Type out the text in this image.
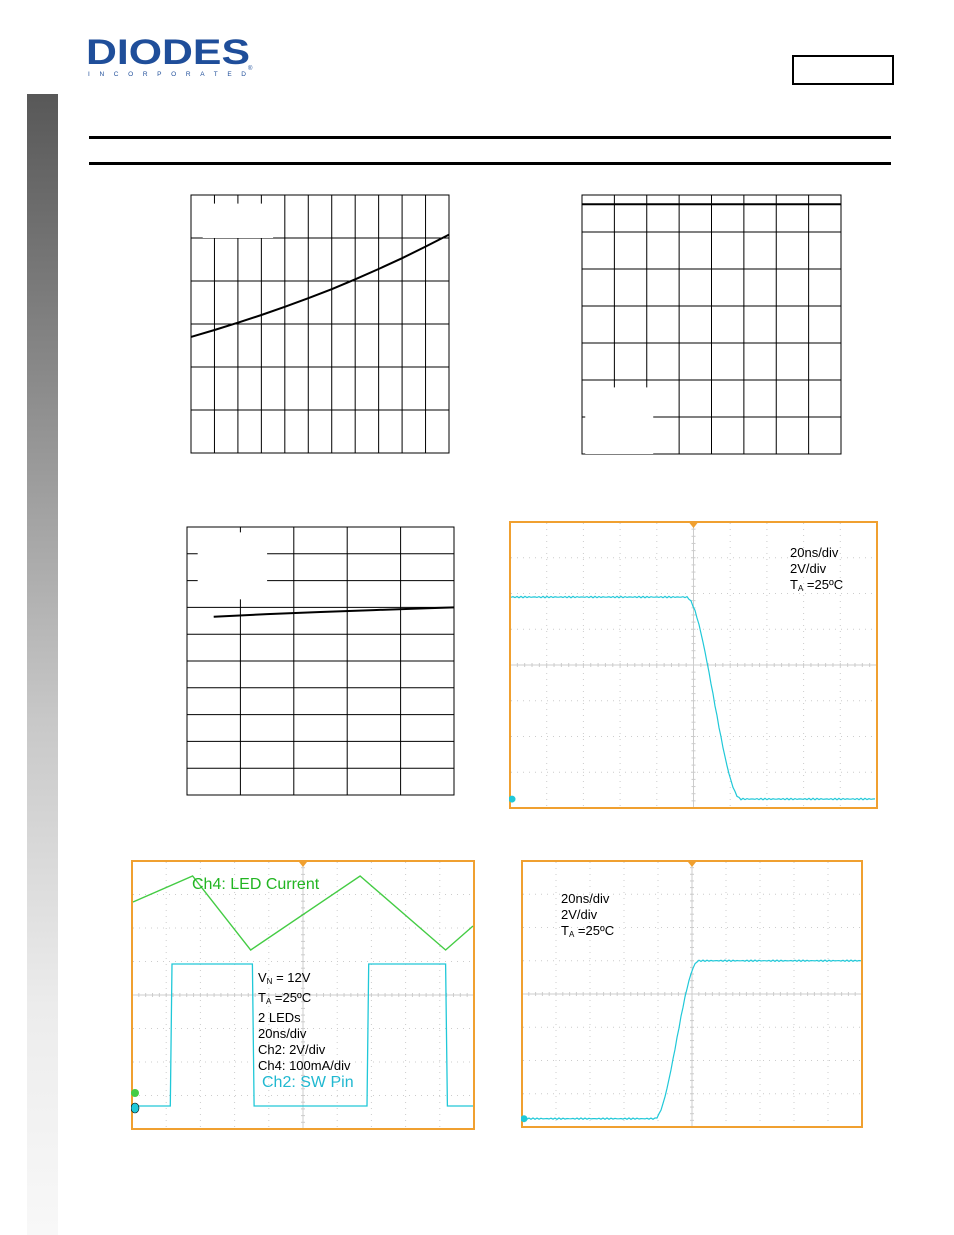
DIODES
INCORPORATED
®
20ns/div
2V/div
$T_A$ =25ºC
Ch4: LED Current
Ch2: SW Pin
$V_N = 12V$
$T_A$ =25ºC
2 LEDs
20ns/div
Ch2: 2V/div
Ch4: 100mA/div
20ns/div
2V/div
$T_A$ =25ºC
